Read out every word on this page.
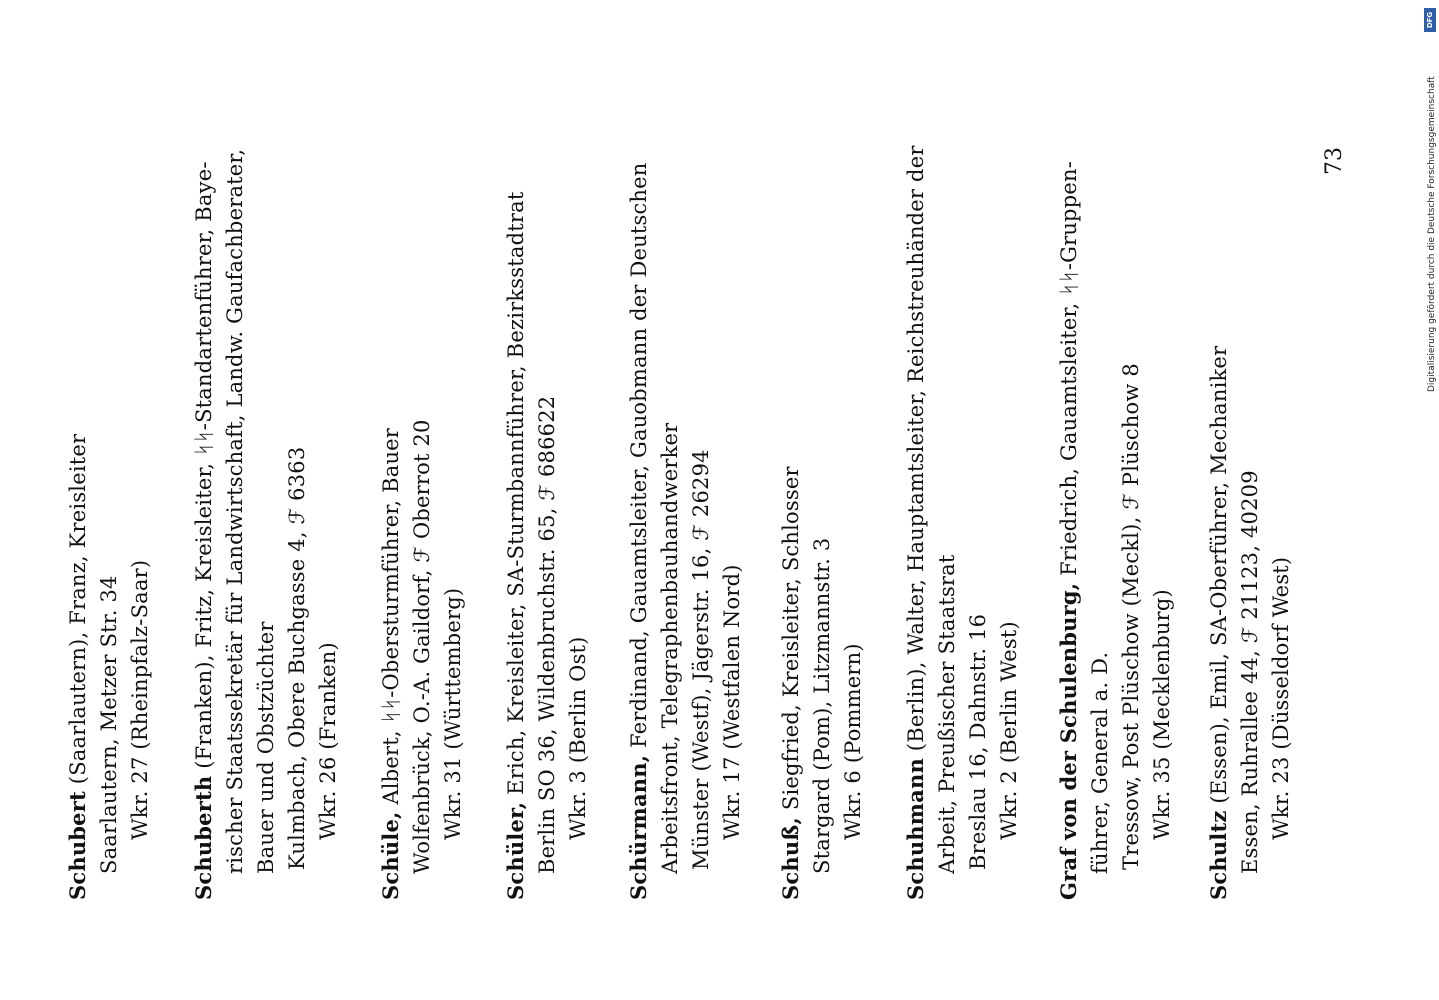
Schubert (Saarlautern), Franz, Kreisleiter Saarlautern, Metzer Str. 34 Wkr. 27 (Rheinpfalz-Saar) Schuberth (Franken), Fritz, Kreisleiter, ᛋᛋ-Standartenführer, Baye- rischer Staatssekretär für Landwirtschaft, Landw. Gaufachberater, Bauer und Obstzüchter Kulmbach, Obere Buchgasse 4, ℱ 6363 Wkr. 26 (Franken)
Schüle, Albert, ᛋᛋ-Obersturmführer, Bauer Wolfenbrück, O.-A. Gaildorf, ℱ Oberrot 20 Wkr. 31 (Württemberg)
Schüler, Erich, Kreisleiter, SA-Sturmbannführer, Bezirksstadtrat Berlin SO 36, Wildenbruchstr. 65, ℱ 686622 Wkr. 3 (Berlin Ost) Schürmann, Ferdinand, Gauamtsleiter, Gauobmann der Deutschen Arbeitsfront, Telegraphenbauhandwerker Münster (Westf), Jägerstr. 16, ℱ 26294 Wkr. 17 (Westfalen Nord)
Schuß, Siegfried, Kreisleiter, Schlosser Stargard (Pom), Litzmannstr. 3 Wkr. 6 (Pommern) Schuhmann (Berlin), Walter, Hauptamtsleiter, Reichstreuhänder der Arbeit, Preußischer Staatsrat Breslau 16, Dahnstr. 16 Wkr. 2 (Berlin West) Graf von der Schulenburg, Friedrich, Gauamtsleiter, ᛋᛋ-Gruppen-
führer, General a. D. Tressow, Post Plüschow (Meckl), ℱ Plüschow 8 Wkr. 35 (Mecklenburg)
Schultz (Essen), Emil, SA-Oberführer, Mechaniker Essen, Ruhrallee 44, ℱ 21123, 40209 Wkr. 23 (Düsseldorf West)
73
DFG
Digitalisierung gefördert durch die Deutsche Forschungsgemeinschaft
